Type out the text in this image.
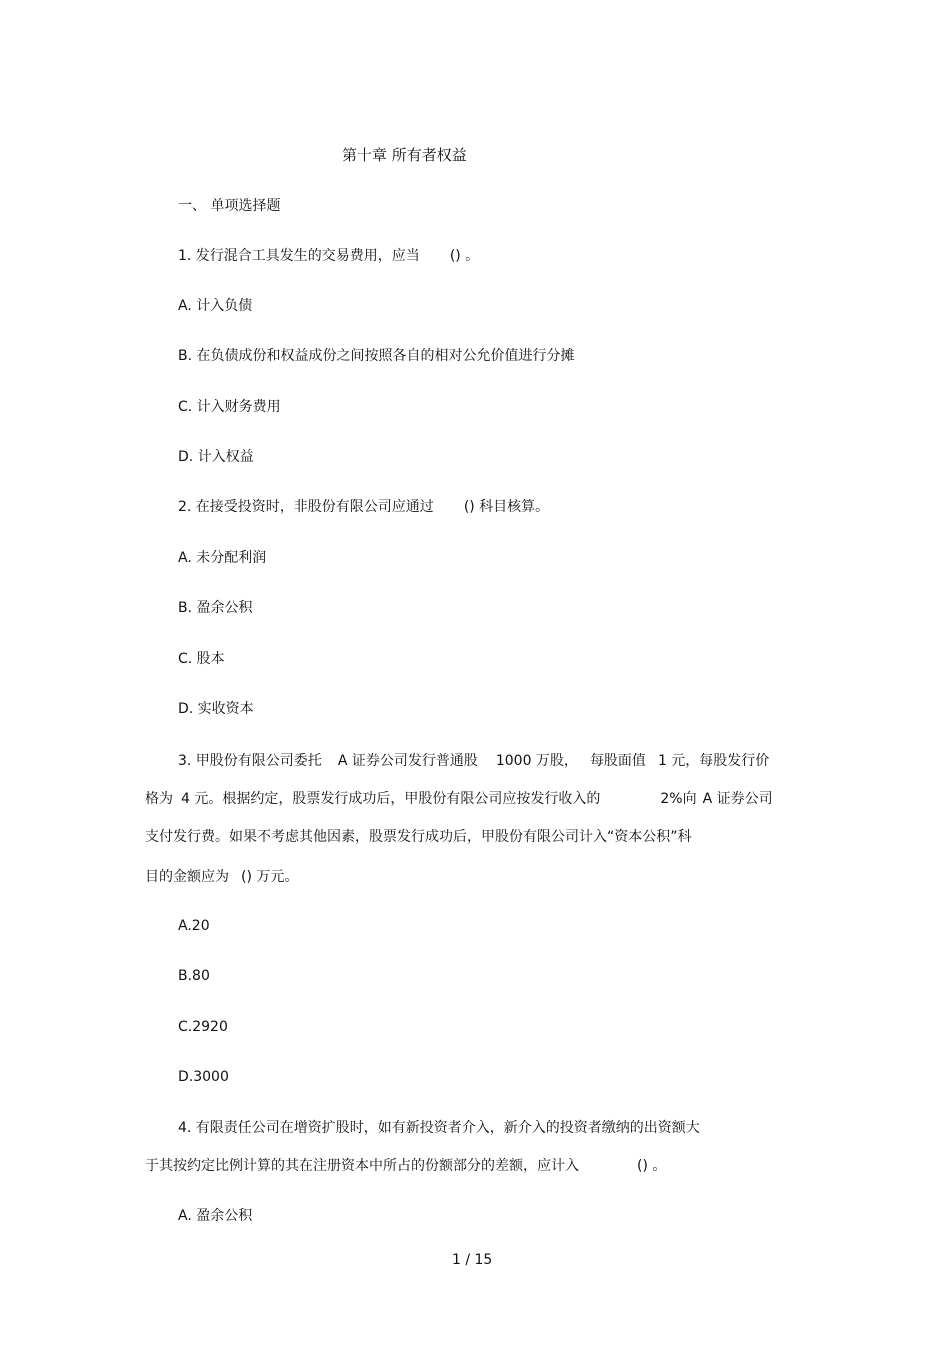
第十章 所有者权益
一、 单项选择题
1. 发行混合工具发生的交易费用，应当 () 。
A. 计入负债
B. 在负债成份和权益成份之间按照各自的相对公允价值进行分摊
C. 计入财务费用
D. 计入权益
2. 在接受投资时，非股份有限公司应通过 () 科目核算。
A. 未分配利润
B. 盈余公积
C. 股本
D. 实收资本
3. 甲股份有限公司委托 A 证券公司发行普通股 1000 万股， 每股面值 1 元，每股发行价
格为 4 元。根据约定，股票发行成功后，甲股份有限公司应按发行收入的	2%向 A 证券公司
支付发行费。如果不考虑其他因素，股票发行成功后，甲股份有限公司计入“资本公积”科
目的金额应为 () 万元。
A.20
B.80
C.2920
D.3000
4. 有限责任公司在增资扩股时，如有新投资者介入，新介入的投资者缴纳的出资额大
于其按约定比例计算的其在注册资本中所占的份额部分的差额，应计入	() 。
A. 盈余公积
1 / 15
